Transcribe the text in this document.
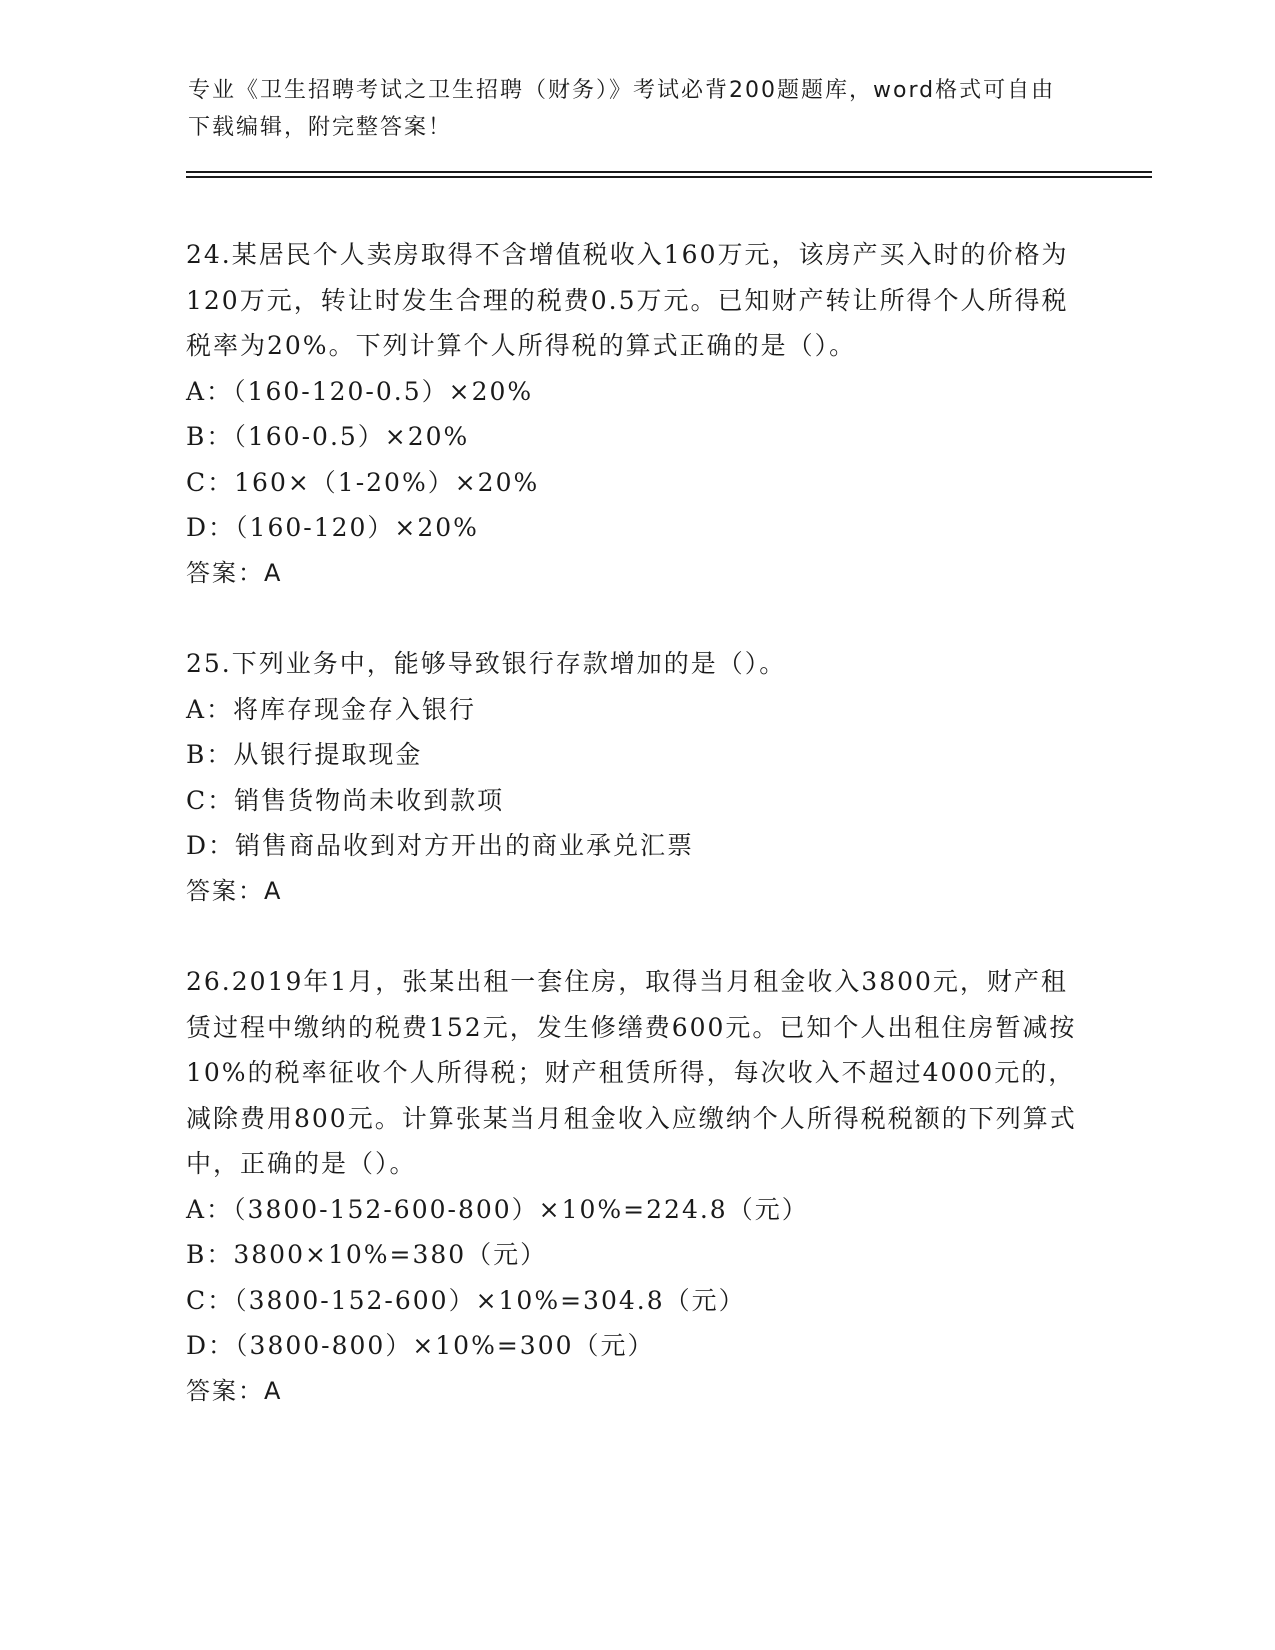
专业《卫生招聘考试之卫生招聘（财务）》考试必背200题题库，word格式可自由下载编辑，附完整答案！

24.某居民个人卖房取得不含增值税收入160万元，该房产买入时的价格为120万元，转让时发生合理的税费0.5万元。已知财产转让所得个人所得税税率为20%。下列计算个人所得税的算式正确的是（）。

A：（160-120-0.5）×20%

B：（160-0.5）×20%

C：160×（1-20%）×20%

D：（160-120）×20%

答案：A

25.下列业务中，能够导致银行存款增加的是（）。

A：将库存现金存入银行

B：从银行提取现金

C：销售货物尚未收到款项

D：销售商品收到对方开出的商业承兑汇票

答案：A

26.2019年1月，张某出租一套住房，取得当月租金收入3800元，财产租赁过程中缴纳的税费152元，发生修缮费600元。已知个人出租住房暂减按10%的税率征收个人所得税；财产租赁所得，每次收入不超过4000元的，减除费用800元。计算张某当月租金收入应缴纳个人所得税税额的下列算式中，正确的是（）。

A：（3800-152-600-800）×10%=224.8（元）

B：3800×10%=380（元）

C：（3800-152-600）×10%=304.8（元）

D：（3800-800）×10%=300（元）

答案：A
